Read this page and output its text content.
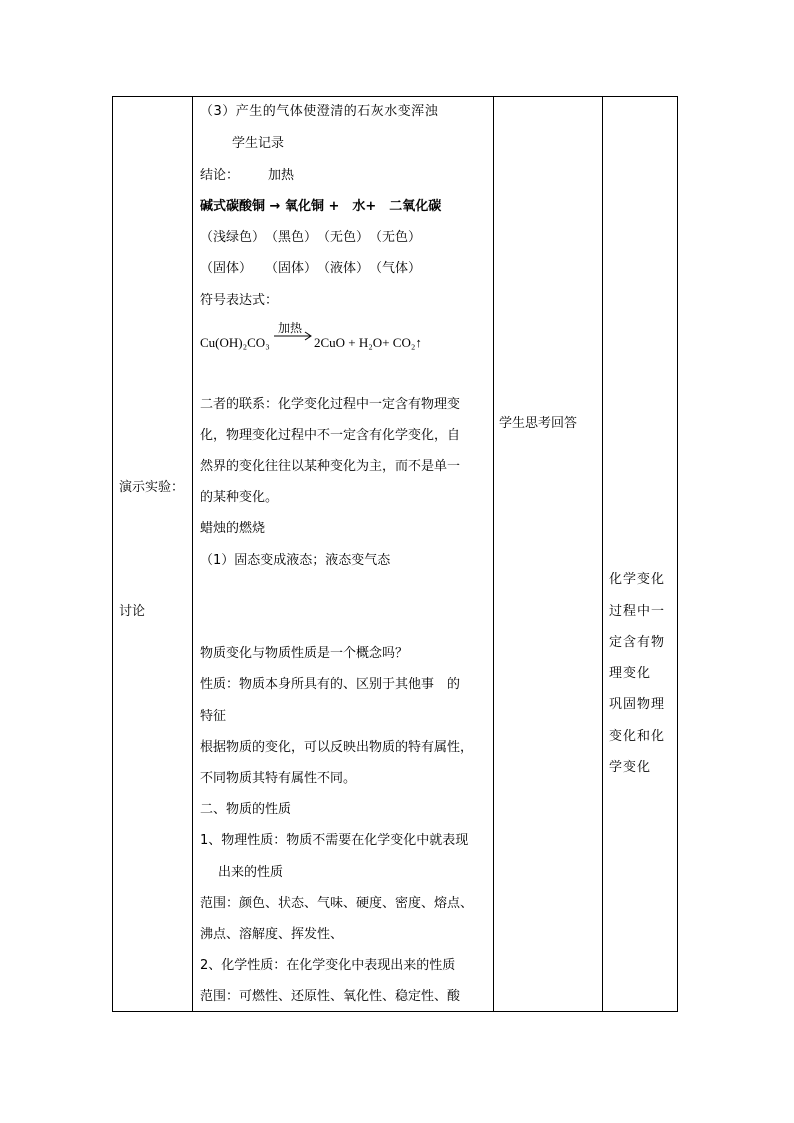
演示实验：
讨论
（3）产生的气体使澄清的石灰水变浑浊
学生记录
结论： 加热
碱式碳酸铜 → 氧化铜 +　水+　二氧化碳
（浅绿色）　（黑色）　（无色）　（无色）
（固体）　　（固体）　（液体）　（气体）
符号表达式：
Cu(OH)₂CO₃
加热
→ 2CuO + H₂O+ CO₂↑
二者的联系：化学变化过程中一定含有物理变
化，物理变化过程中不一定含有化学变化，自
然界的变化往往以某种变化为主，而不是单一
的某种变化。
蜡烛的燃烧
（1）固态变成液态；液态变气态
物质变化与物质性质是一个概念吗？
性质：物质本身所具有的、区别于其他事　的
特征
根据物质的变化，可以反映出物质的特有属性，
不同物质其特有属性不同。
二、物质的性质
1、物理性质：物质不需要在化学变化中就表现
出来的性质
范围：颜色、状态、气味、硬度、密度、熔点、
沸点、溶解度、挥发性、
2、化学性质：在化学变化中表现出来的性质
范围：可燃性、还原性、氧化性、稳定性、酸
学生思考回答
化学变化
过程中一
定含有物
理变化
巩固物理
变化和化
学变化
